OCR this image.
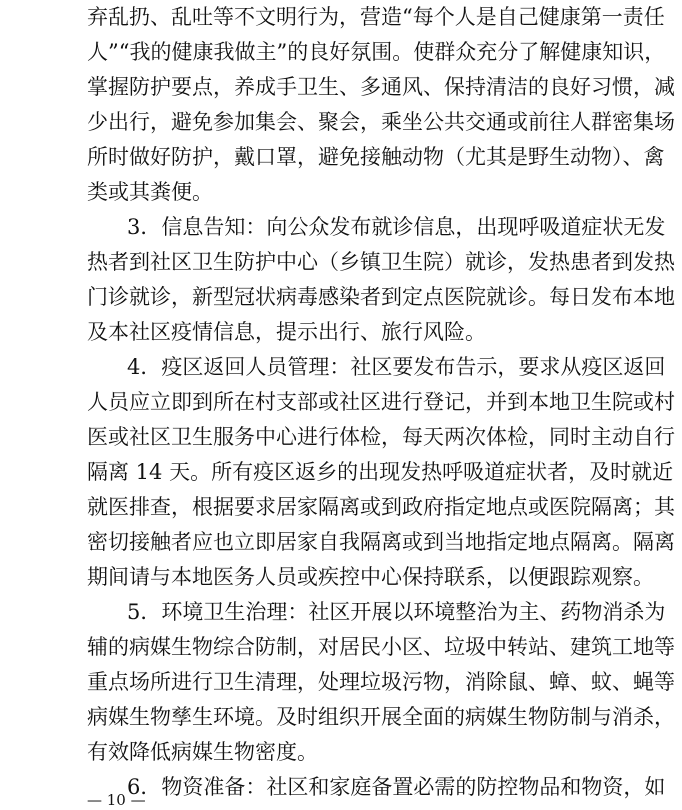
弃乱扔、乱吐等不文明行为，营造“每个人是自己健康第一责任
人”“我的健康我做主”的良好氛围。使群众充分了解健康知识，
掌握防护要点，养成手卫生、多通风、保持清洁的良好习惯，减
少出行，避免参加集会、聚会，乘坐公共交通或前往人群密集场
所时做好防护，戴口罩，避免接触动物（尤其是野生动物）、禽
类或其粪便。
3．信息告知：向公众发布就诊信息，出现呼吸道症状无发
热者到社区卫生防护中心（乡镇卫生院）就诊，发热患者到发热
门诊就诊，新型冠状病毒感染者到定点医院就诊。每日发布本地
及本社区疫情信息，提示出行、旅行风险。
4．疫区返回人员管理：社区要发布告示，要求从疫区返回
人员应立即到所在村支部或社区进行登记，并到本地卫生院或村
医或社区卫生服务中心进行体检，每天两次体检，同时主动自行
隔离 14 天。所有疫区返乡的出现发热呼吸道症状者，及时就近
就医排查，根据要求居家隔离或到政府指定地点或医院隔离；其
密切接触者应也立即居家自我隔离或到当地指定地点隔离。隔离
期间请与本地医务人员或疾控中心保持联系，以便跟踪观察。
5．环境卫生治理：社区开展以环境整治为主、药物消杀为
辅的病媒生物综合防制，对居民小区、垃圾中转站、建筑工地等
重点场所进行卫生清理，处理垃圾污物，消除鼠、蟑、蚊、蝇等
病媒生物孳生环境。及时组织开展全面的病媒生物防制与消杀，
有效降低病媒生物密度。
6．物资准备：社区和家庭备置必需的防控物品和物资，如
— 10 —
